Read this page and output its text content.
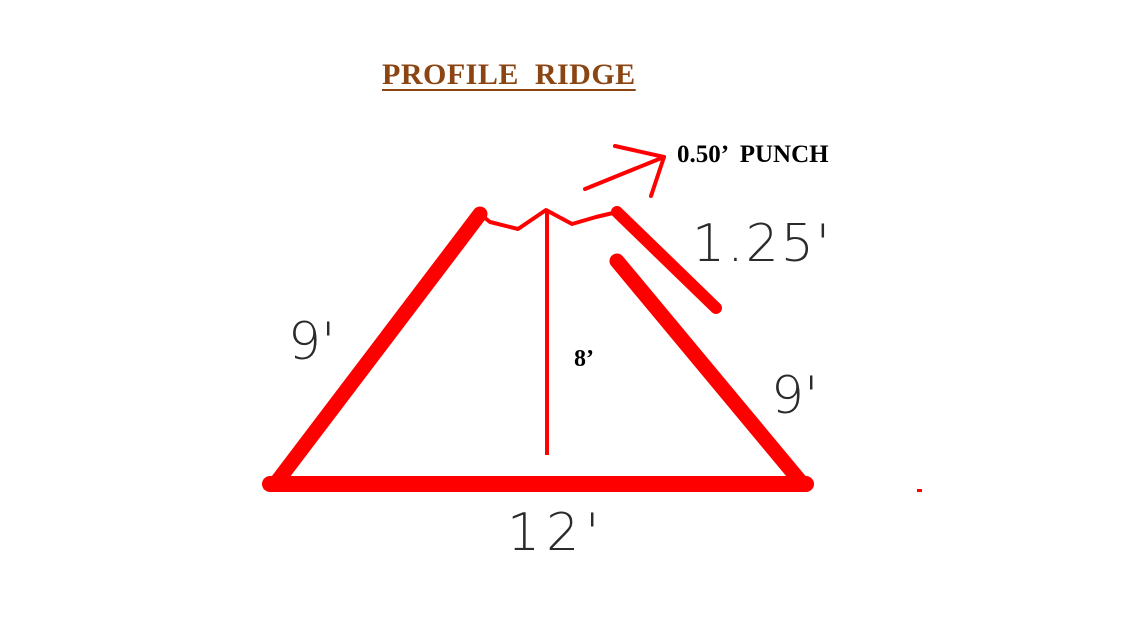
PROFILE  RIDGE
0.50’  PUNCH
9'
9'
1.25'
12'
8’
